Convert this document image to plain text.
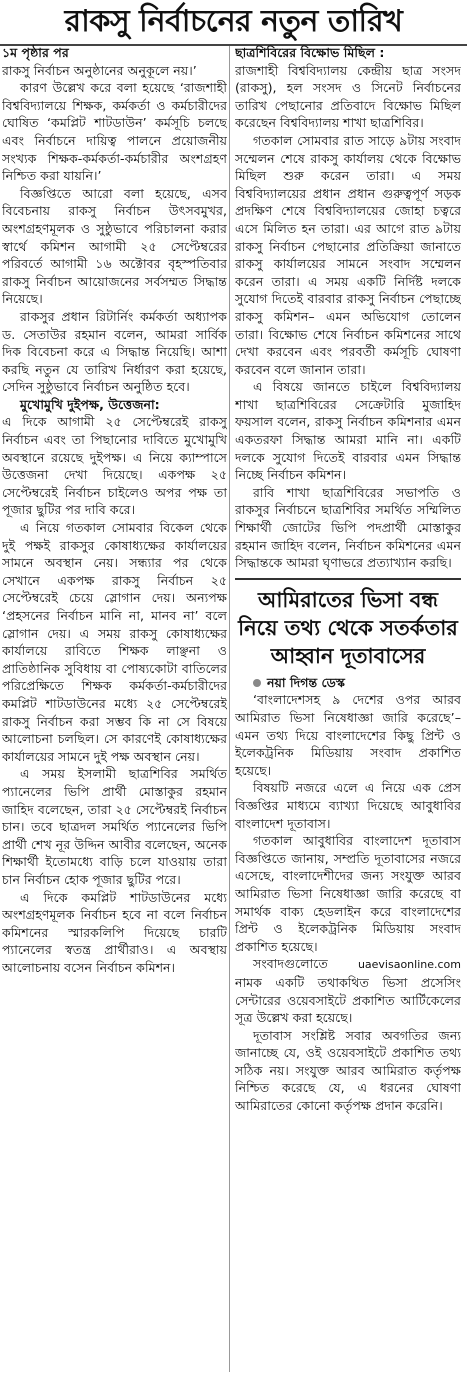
রাকসু নির্বাচনের নতুন তারিখ

১ম পৃষ্ঠার পর

রাকসু নির্বাচন অনুষ্ঠানের অনুকূলে নয়।’

কারণ উল্লেখ করে বলা হয়েছে ‘রাজশাহী বিশ্ববিদ্যালয়ে শিক্ষক, কর্মকর্তা ও কর্মচারীদের ঘোষিত ‘কমপ্লিট শাটডাউন’ কর্মসূচি চলছে এবং নির্বাচনে দায়িত্ব পালনে প্রয়োজনীয় সংখ্যক শিক্ষক-কর্মকর্তা-কর্মচারীর অংশগ্রহণ নিশ্চিত করা যায়নি।’

বিজ্ঞপ্তিতে আরো বলা হয়েছে, এসব বিবেচনায় রাকসু নির্বাচন উৎসবমুখর, অংশগ্রহণমূলক ও সুষ্ঠুভাবে পরিচালনা করার স্বার্থে কমিশন আগামী ২৫ সেপ্টেম্বরের পরিবর্তে আগামী ১৬ অক্টোবর বৃহস্পতিবার রাকসু নির্বাচন আয়োজনের সর্বসম্মত সিদ্ধান্ত নিয়েছে।

রাকসুর প্রধান রিটার্নিং কর্মকর্তা অধ্যাপক ড. সেতাউর রহমান বলেন, আমরা সার্বিক দিক বিবেচনা করে এ সিদ্ধান্ত নিয়েছি। আশা করছি নতুন যে তারিখ নির্ধারণ করা হয়েছে, সেদিন সুষ্ঠুভাবে নির্বাচন অনুষ্ঠিত হবে।

মুখোমুখি দুইপক্ষ, উত্তেজনা:

এ দিকে আগামী ২৫ সেপ্টেম্বরেই রাকসু নির্বাচন এবং তা পিছানোর দাবিতে মুখোমুখি অবস্থানে রয়েছে দুইপক্ষ। এ নিয়ে ক্যাম্পাসে উত্তেজনা দেখা দিয়েছে। একপক্ষ ২৫ সেপ্টেম্বরেই নির্বাচন চাইলেও অপর পক্ষ তা পূজার ছুটির পর দাবি করে।

এ নিয়ে গতকাল সোমবার বিকেল থেকে দুই পক্ষই রাকসুর কোষাধ্যক্ষের কার্যালয়ের সামনে অবস্থান নেয়। সন্ধ্যার পর থেকে সেখানে একপক্ষ রাকসু নির্বাচন ২৫ সেপ্টেম্বরেই চেয়ে স্লোগান দেয়। অন্যপক্ষ ‘প্রহসনের নির্বাচন মানি না, মানব না’ বলে স্লোগান দেয়। এ সময় রাকসু কোষাধ্যক্ষের কার্যালয়ে রাবিতে শিক্ষক লাঞ্ছনা ও প্রাতিষ্ঠানিক সুবিধায় বা পোষ্যকোটা বাতিলের পরিপ্রেক্ষিতে শিক্ষক কর্মকর্তা-কর্মচারীদের কমপ্লিট শাটডাউনের মধ্যে ২৫ সেপ্টেম্বরেই রাকসু নির্বাচন করা সম্ভব কি না সে বিষয়ে আলোচনা চলছিল। সে কারণেই কোষাধ্যক্ষের কার্যালয়ের সামনে দুই পক্ষ অবস্থান নেয়।

এ সময় ইসলামী ছাত্রশিবির সমর্থিত প্যানেলের ভিপি প্রার্থী মোস্তাকুর রহমান জাহিদ বলেছেন, তারা ২৫ সেপ্টেম্বরই নির্বাচন চান। তবে ছাত্রদল সমর্থিত প্যানেলের ভিপি প্রার্থী শেখ নূর উদ্দিন আবীর বলেছেন, অনেক শিক্ষার্থী ইতোমধ্যে বাড়ি চলে যাওয়ায় তারা চান নির্বাচন হোক পূজার ছুটির পরে।

এ দিকে কমপ্লিট শাটডাউনের মধ্যে অংশগ্রহণমূলক নির্বাচন হবে না বলে নির্বাচন কমিশনের স্মারকলিপি দিয়েছে চারটি প্যানেলের স্বতন্ত্র প্রার্থীরাও। এ অবস্থায় আলোচনায় বসেন নির্বাচন কমিশন।

ছাত্রশিবিরের বিক্ষোভ মিছিল :

রাজশাহী বিশ্ববিদ্যালয় কেন্দ্রীয় ছাত্র সংসদ (রাকসু), হল সংসদ ও সিনেট নির্বাচনের তারিখ পেছানোর প্রতিবাদে বিক্ষোভ মিছিল করেছেন বিশ্ববিদ্যালয় শাখা ছাত্রশিবির।

গতকাল সোমবার রাত সাড়ে ৯টায় সংবাদ সম্মেলন শেষে রাকসু কার্যালয় থেকে বিক্ষোভ মিছিল শুরু করেন তারা। এ সময় বিশ্ববিদ্যালয়ের প্রধান প্রধান গুরুত্বপূর্ণ সড়ক প্রদক্ষিণ শেষে বিশ্ববিদ্যালয়ের জোহা চত্বরে এসে মিলিত হন তারা। এর আগে রাত ৯টায় রাকসু নির্বাচন পেছানোর প্রতিক্রিয়া জানাতে রাকসু কার্যালয়ের সামনে সংবাদ সম্মেলন করেন তারা। এ সময় একটি নির্দিষ্ট দলকে সুযোগ দিতেই বারবার রাকসু নির্বাচন পেছাচ্ছে রাকসু কমিশন– এমন অভিযোগ তোলেন তারা। বিক্ষোভ শেষে নির্বাচন কমিশনের সাথে দেখা করবেন এবং পরবর্তী কর্মসূচি ঘোষণা করবেন বলে জানান তারা।

এ বিষয়ে জানতে চাইলে বিশ্ববিদ্যালয় শাখা ছাত্রশিবিরের সেক্রেটারি মুজাহিদ ফয়সাল বলেন, রাকসু নির্বাচন কমিশনার এমন একতরফা সিদ্ধান্ত আমরা মানি না। একটি দলকে সুযোগ দিতেই বারবার এমন সিদ্ধান্ত নিচ্ছে নির্বাচন কমিশন।

রাবি শাখা ছাত্রশিবিরের সভাপতি ও রাকসুর নির্বাচনে ছাত্রশিবির সমর্থিত সম্মিলিত শিক্ষার্থী জোটের ভিপি পদপ্রার্থী মোস্তাকুর রহমান জাহিদ বলেন, নির্বাচন কমিশনের এমন সিদ্ধান্তকে আমরা ঘৃণাভরে প্রত্যাখ্যান করছি।

আমিরাতের ভিসা বন্ধ নিয়ে তথ্য থেকে সতর্কতার আহ্বান দূতাবাসের

নয়া দিগন্ত ডেস্ক

‘বাংলাদেশসহ ৯ দেশের ওপর আরব আমিরাত ভিসা নিষেধাজ্ঞা জারি করেছে’– এমন তথ্য দিয়ে বাংলাদেশের কিছু প্রিন্ট ও ইলেকট্রনিক মিডিয়ায় সংবাদ প্রকাশিত হয়েছে।

বিষয়টি নজরে এলে এ নিয়ে এক প্রেস বিজ্ঞপ্তির মাধ্যমে ব্যাখ্যা দিয়েছে আবুধাবির বাংলাদেশ দূতাবাস।

গতকাল আবুধাবির বাংলাদেশ দূতাবাস বিজ্ঞপ্তিতে জানায়, সম্প্রতি দূতাবাসের নজরে এসেছে, বাংলাদেশীদের জন্য সংযুক্ত আরব আমিরাত ভিসা নিষেধাজ্ঞা জারি করেছে বা সমার্থক বাক্য হেডলাইন করে বাংলাদেশের প্রিন্ট ও ইলেকট্রনিক মিডিয়ায় সংবাদ প্রকাশিত হয়েছে।

সংবাদগুলোতে	uaevisaonline.com নামক একটি তথাকথিত ভিসা প্রসেসিং সেন্টারের ওয়েবসাইটে প্রকাশিত আর্টিকেলের সূত্র উল্লেখ করা হয়েছে।

দূতাবাস সংশ্লিষ্ট সবার অবগতির জন্য জানাচ্ছে যে, ওই ওয়েবসাইটে প্রকাশিত তথ্য সঠিক নয়। সংযুক্ত আরব আমিরাত কর্তৃপক্ষ নিশ্চিত করেছে যে, এ ধরনের ঘোষণা আমিরাতের কোনো কর্তৃপক্ষ প্রদান করেনি।
